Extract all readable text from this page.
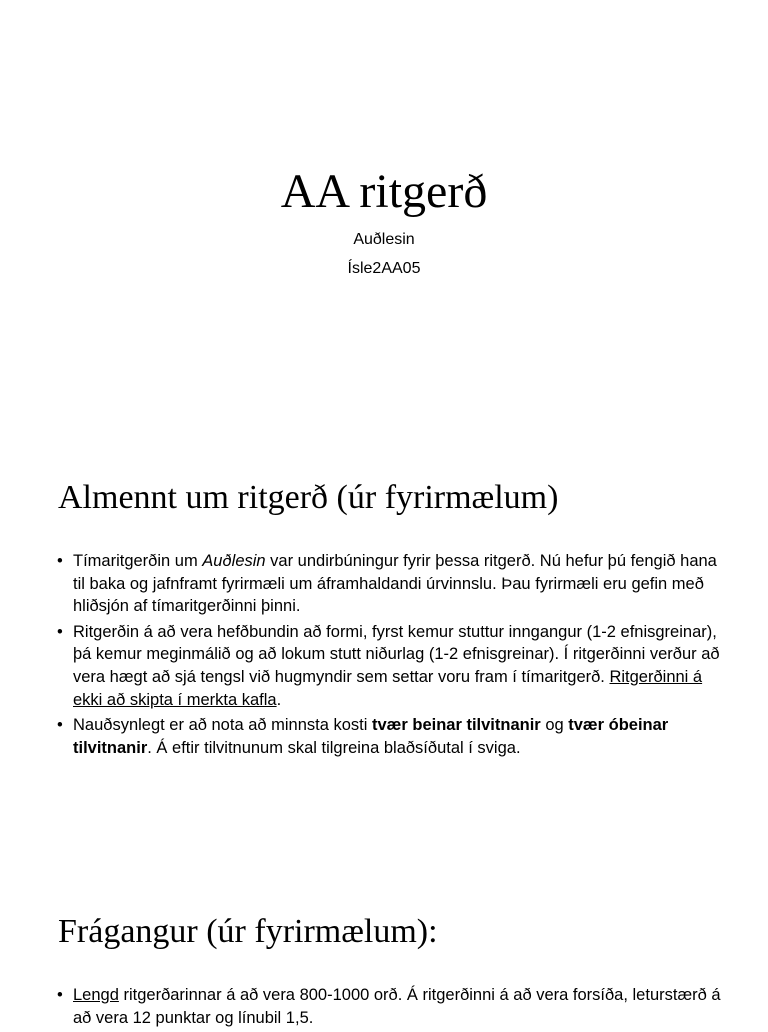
AA ritgerð
Auðlesin
Ísle2AA05
Almennt um ritgerð (úr fyrirmælum)
• Tímaritgerðin um Auðlesin var undirbúningur fyrir þessa ritgerð. Nú hefur þú fengið hana til baka og jafnframt fyrirmæli um áframhaldandi úrvinnslu. Þau fyrirmæli eru gefin með hliðsjón af tímaritgerðinni þinni.
• Ritgerðin á að vera hefðbundin að formi, fyrst kemur stuttur inngangur (1-2 efnisgreinar), þá kemur meginmálið og að lokum stutt niðurlag (1-2 efnisgreinar). Í ritgerðinni verður að vera hægt að sjá tengsl við hugmyndir sem settar voru fram í tímaritgerð. Ritgerðinni á ekki að skipta í merkta kafla.
• Nauðsynlegt er að nota að minnsta kosti tvær beinar tilvitnanir og tvær óbeinar tilvitnanir. Á eftir tilvitnunum skal tilgreina blaðsíðutal í sviga.
Frágangur (úr fyrirmælum):
• Lengd ritgerðarinnar á að vera 800-1000 orð. Á ritgerðinni á að vera forsíða, leturstærð á að vera 12 punktar og línubil 1,5.
